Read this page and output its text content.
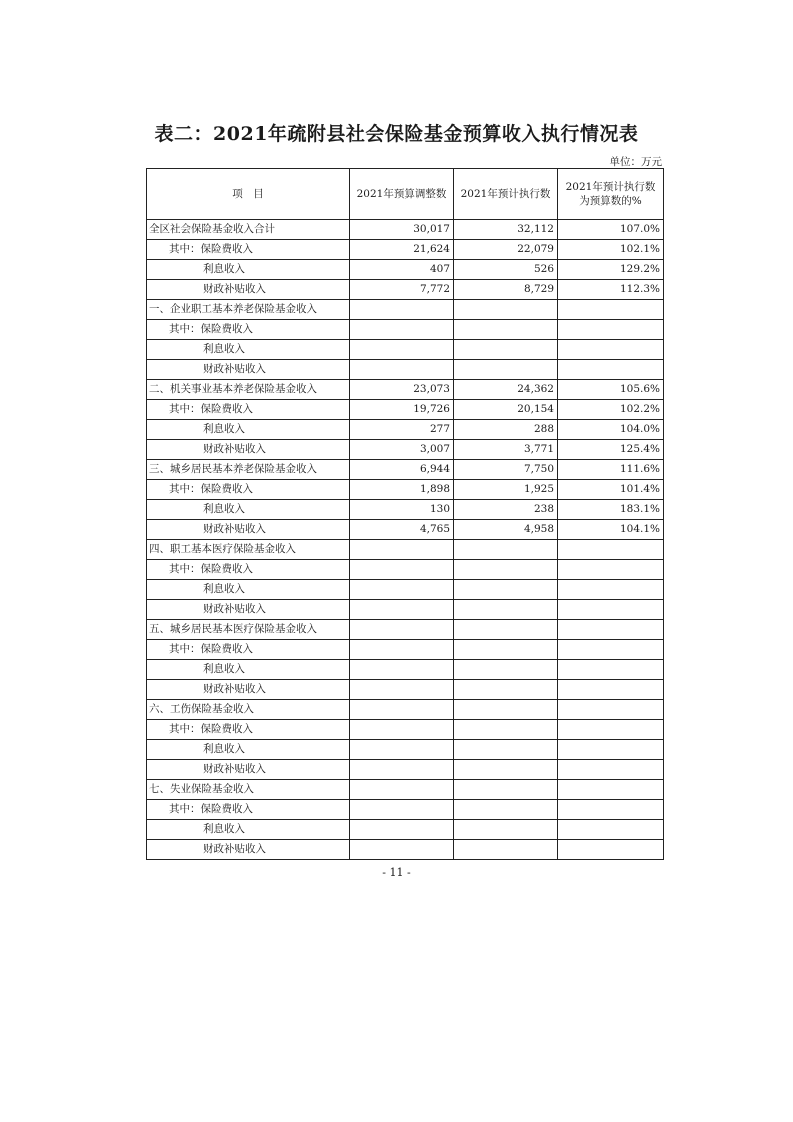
表二：2021年疏附县社会保险基金预算收入执行情况表
单位：万元
项　目	2021年预算调整数	2021年预计执行数	2021年预计执行数为预算数的%
全区社会保险基金收入合计	30,017	32,112	107.0%
其中：保险费收入	21,624	22,079	102.1%
利息收入	407	526	129.2%
财政补贴收入	7,772	8,729	112.3%
一、企业职工基本养老保险基金收入			
其中：保险费收入			
利息收入			
财政补贴收入			
二、机关事业基本养老保险基金收入	23,073	24,362	105.6%
其中：保险费收入	19,726	20,154	102.2%
利息收入	277	288	104.0%
财政补贴收入	3,007	3,771	125.4%
三、城乡居民基本养老保险基金收入	6,944	7,750	111.6%
其中：保险费收入	1,898	1,925	101.4%
利息收入	130	238	183.1%
财政补贴收入	4,765	4,958	104.1%
四、职工基本医疗保险基金收入			
其中：保险费收入			
利息收入			
财政补贴收入			
五、城乡居民基本医疗保险基金收入			
其中：保险费收入			
利息收入			
财政补贴收入			
六、工伤保险基金收入			
其中：保险费收入			
利息收入			
财政补贴收入			
七、失业保险基金收入			
其中：保险费收入			
利息收入			
财政补贴收入			
- 11 -
